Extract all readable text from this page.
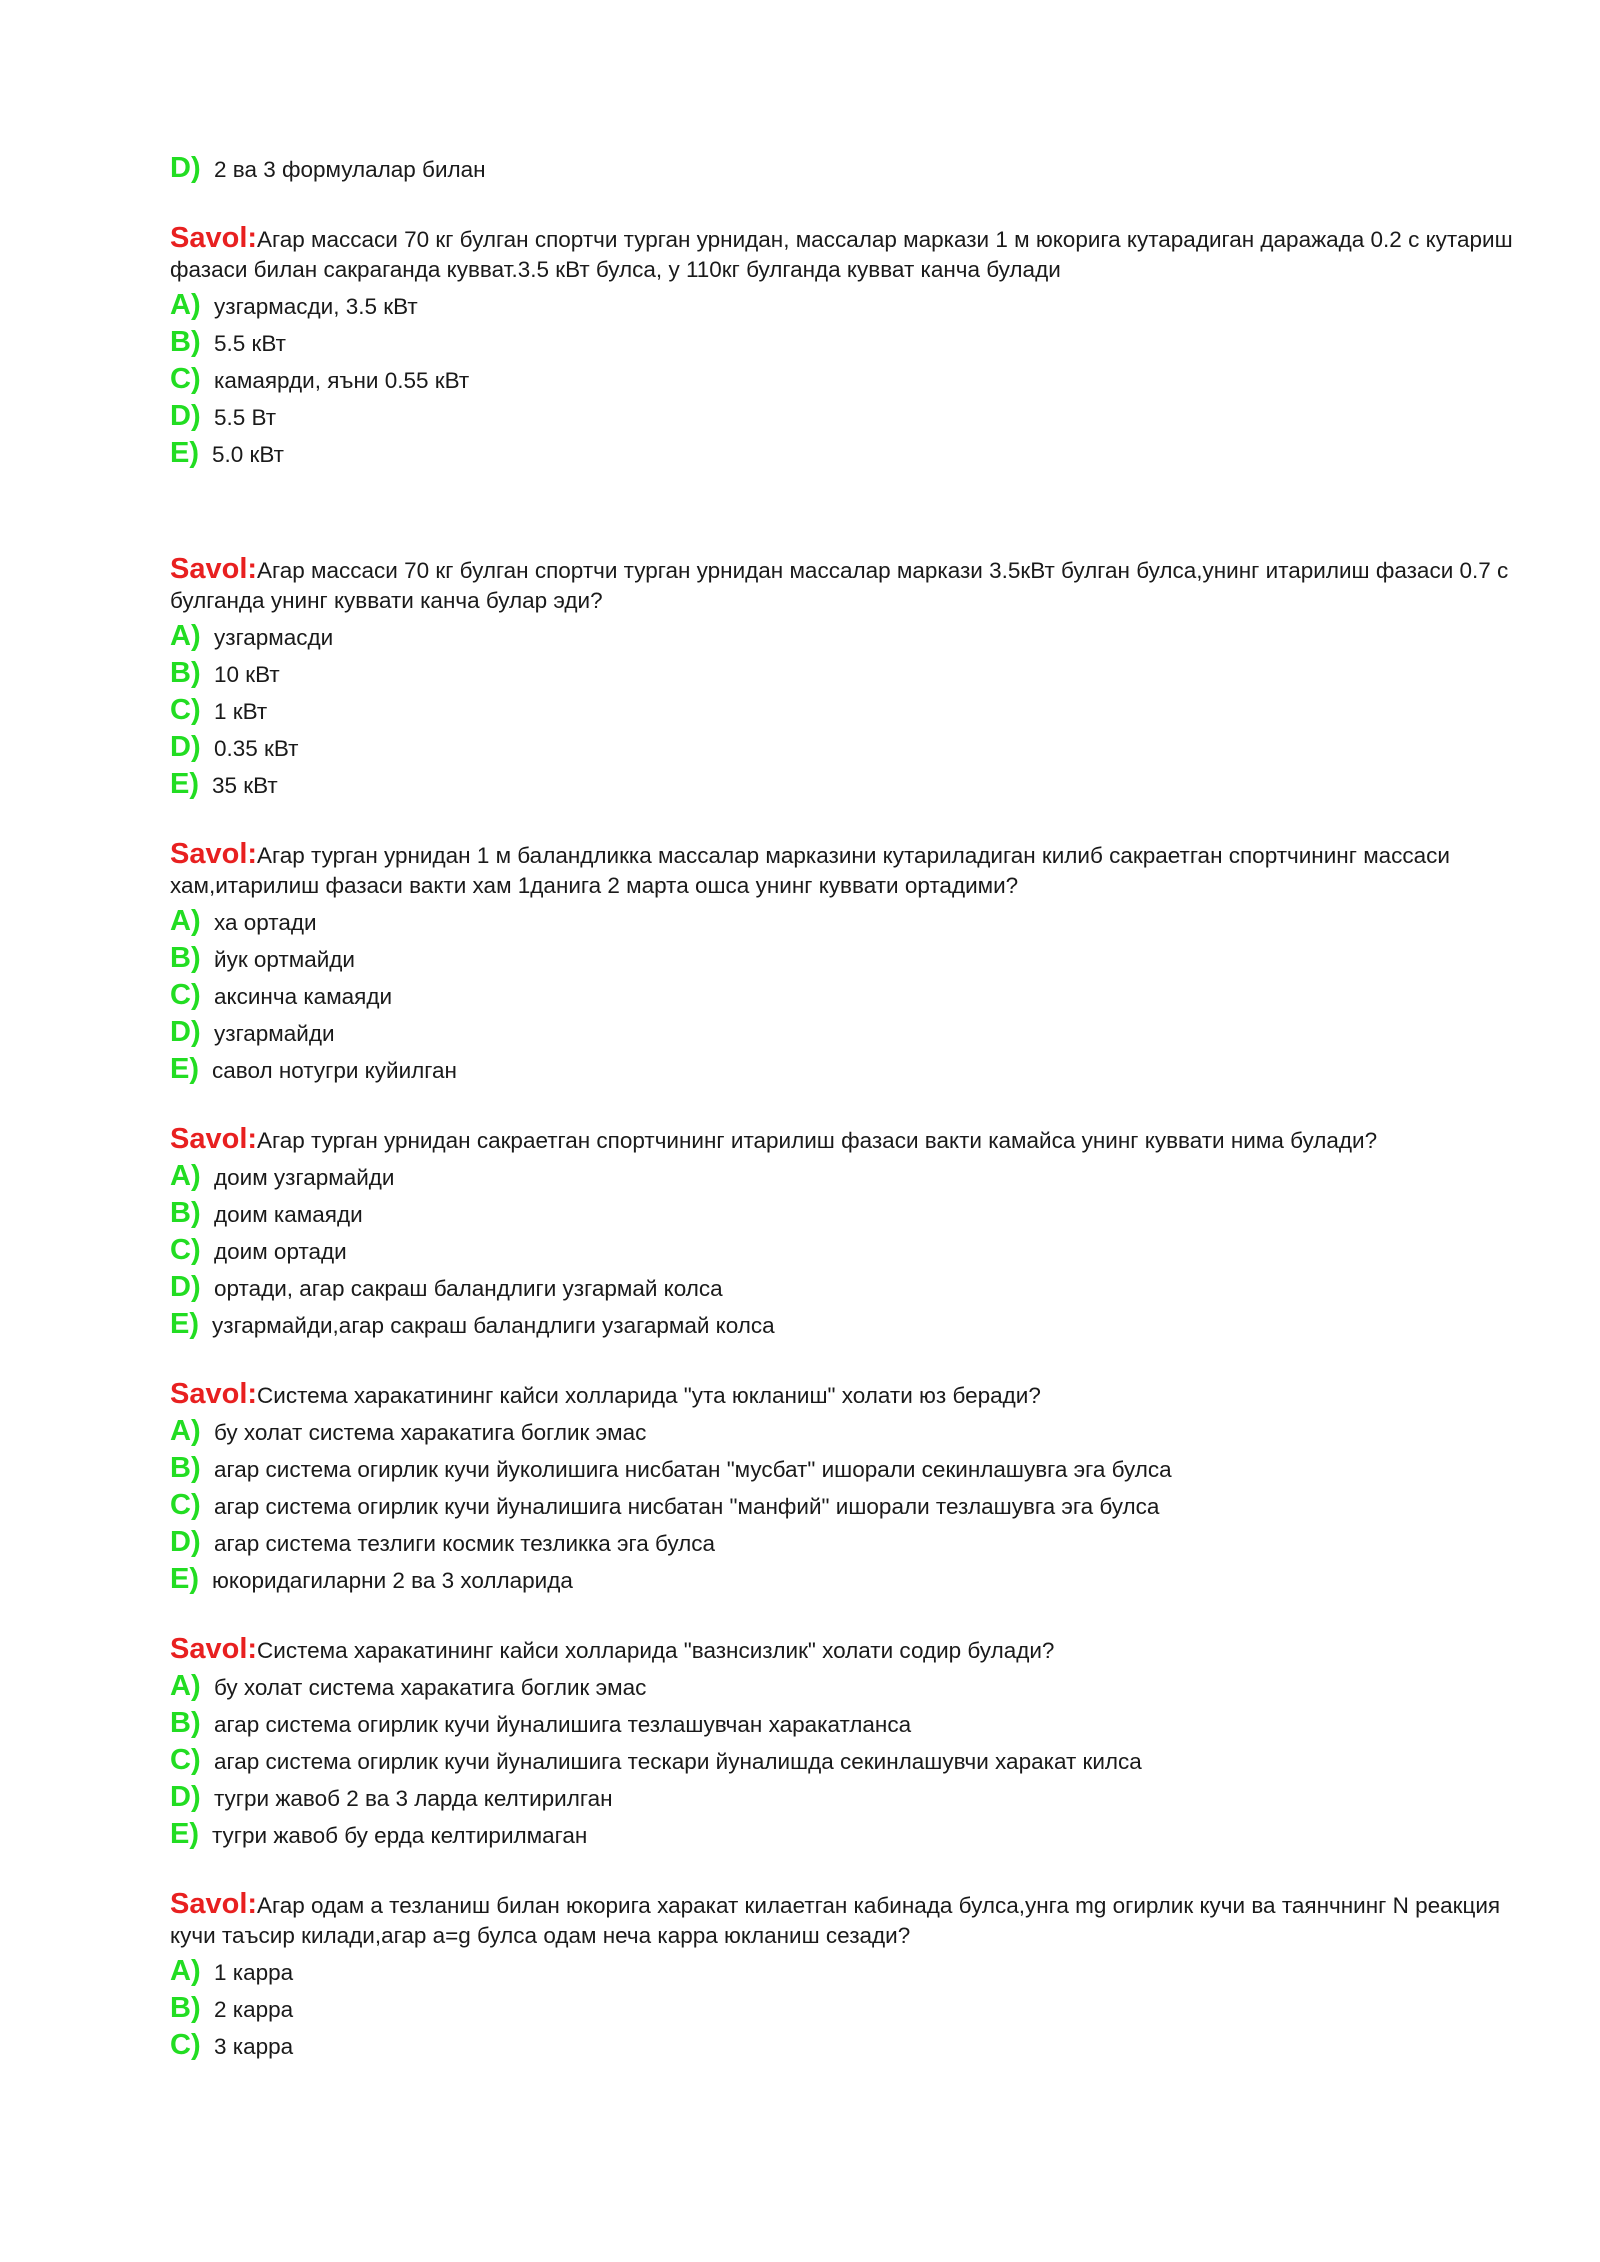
D) 2 ва 3 формулалар билан
Savol:Агар массаси 70 кг булган спортчи турган урнидан, массалар маркази 1 м юкорига кутарадиган даражада 0.2 с кутариш фазаси билан сакраганда кувват.3.5 кВт булса, у 110кг булганда кувват канча булади
A) узгармасди, 3.5 кВт
B) 5.5 кВт
C) камаярди, яъни 0.55 кВт
D) 5.5 Вт
E) 5.0 кВт
Savol:Агар массаси 70 кг булган спортчи турган урнидан массалар маркази 3.5кВт булган булса,унинг итарилиш фазаси 0.7 с булганда унинг куввати канча булар эди?
A) узгармасди
B) 10 кВт
C) 1 кВт
D) 0.35 кВт
E) 35 кВт
Savol:Агар турган урнидан 1 м баландликка массалар марказини кутариладиган килиб сакраетган спортчининг массаси хам,итарилиш фазаси вакти хам 1данига 2 марта ошса унинг куввати ортадими?
A) ха ортади
B) йук ортмайди
C) аксинча камаяди
D) узгармайди
E) савол нотугри куйилган
Savol:Агар турган урнидан сакраетган спортчининг итарилиш фазаси вакти камайса унинг куввати нима булади?
A) доим узгармайди
B) доим камаяди
C) доим ортади
D) ортади, агар сакраш баландлиги узгармай колса
E) узгармайди,агар сакраш баландлиги узагармай колса
Savol:Система харакатининг кайси холларида "ута юкланиш" холати юз беради?
A) бу холат система харакатига боглик эмас
B) агар система огирлик кучи йуколишига нисбатан "мусбат" ишорали секинлашувга эга булса
C) агар система огирлик кучи йуналишига нисбатан "манфий" ишорали тезлашувга эга булса
D) агар система тезлиги космик тезликка эга булса
E) юкоридагиларни 2 ва 3 холларида
Savol:Система харакатининг кайси холларида "вазнсизлик" холати содир булади?
A) бу холат система харакатига боглик эмас
B) агар система огирлик кучи йуналишига тезлашувчан харакатланса
C) агар система огирлик кучи йуналишига тескари йуналишда секинлашувчи харакат килса
D) тугри жавоб 2 ва 3 ларда келтирилган
E) тугри жавоб бу ерда келтирилмаган
Savol:Агар одам а тезланиш билан юкорига харакат килаетган кабинада булса,унга mg огирлик кучи ва таянчнинг N реакция кучи таъсир килади,агар а=g булса одам неча карра юкланиш сезади?
A) 1 карра
B) 2 карра
C) 3 карра
